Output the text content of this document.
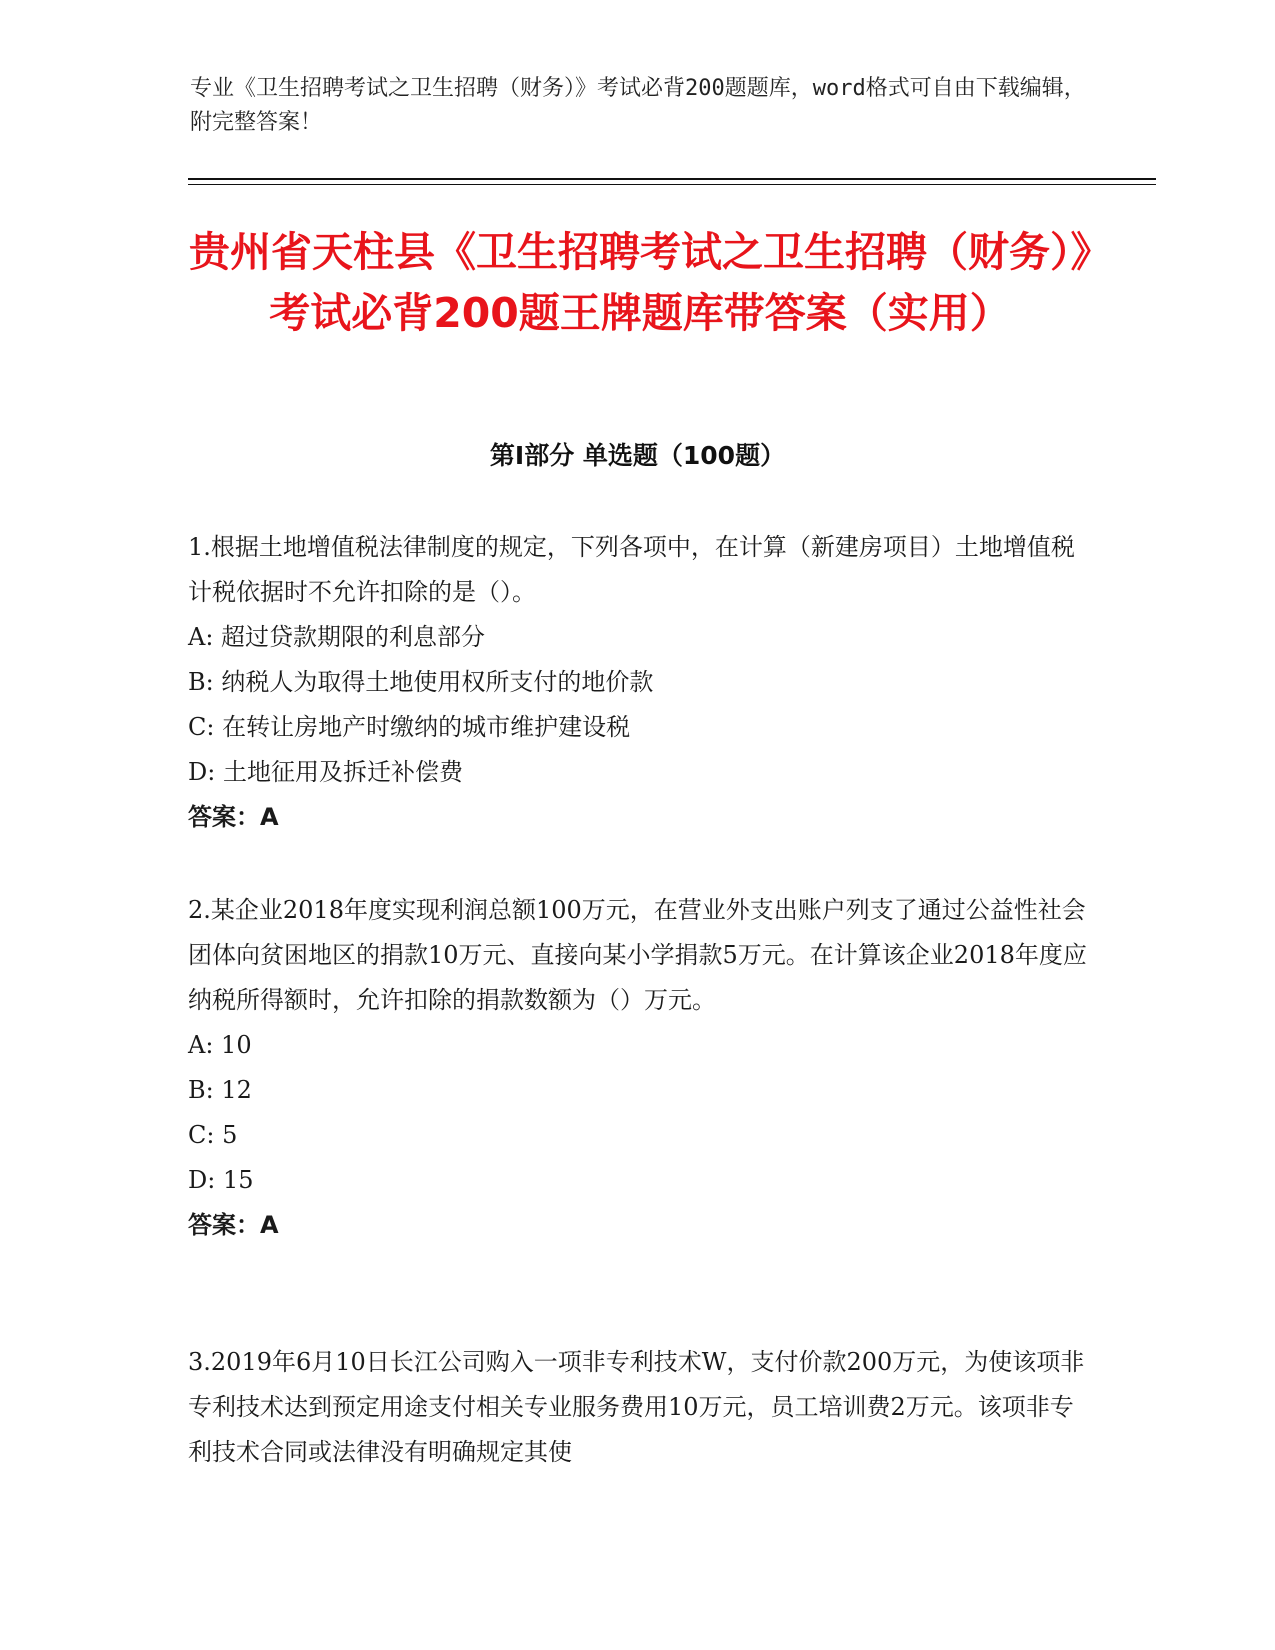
专业《卫生招聘考试之卫生招聘（财务）》考试必背200题题库，word格式可自由下载编辑，附完整答案！
贵州省天柱县《卫生招聘考试之卫生招聘（财务）》考试必背200题王牌题库带答案（实用）
第I部分 单选题（100题）
1.根据土地增值税法律制度的规定，下列各项中，在计算（新建房项目）土地增值税计税依据时不允许扣除的是（）。
A: 超过贷款期限的利息部分
B: 纳税人为取得土地使用权所支付的地价款
C: 在转让房地产时缴纳的城市维护建设税
D: 土地征用及拆迁补偿费
答案：A
2.某企业2018年度实现利润总额100万元，在营业外支出账户列支了通过公益性社会团体向贫困地区的捐款10万元、直接向某小学捐款5万元。在计算该企业2018年度应纳税所得额时，允许扣除的捐款数额为（）万元。
A: 10
B: 12
C: 5
D: 15
答案：A
3.2019年6月10日长江公司购入一项非专利技术W，支付价款200万元，为使该项非专利技术达到预定用途支付相关专业服务费用10万元，员工培训费2万元。该项非专利技术合同或法律没有明确规定其使
